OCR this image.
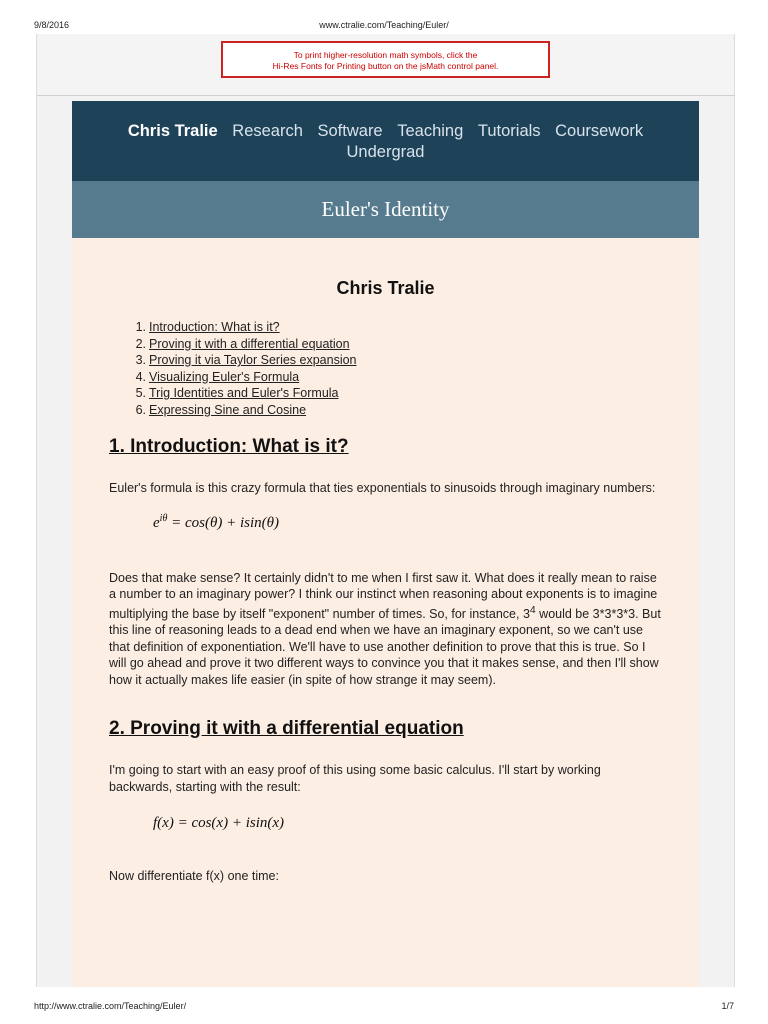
9/8/2016	www.ctralie.com/Teaching/Euler/
To print higher-resolution math symbols, click the
Hi-Res Fonts for Printing button on the jsMath control panel.
Chris Tralie Research Software Teaching Tutorials Coursework
Undergrad
Euler's Identity
Chris Tralie
1. Introduction: What is it?
2. Proving it with a differential equation
3. Proving it via Taylor Series expansion
4. Visualizing Euler's Formula
5. Trig Identities and Euler's Formula
6. Expressing Sine and Cosine
1. Introduction: What is it?

Euler's formula is this crazy formula that ties exponentials to sinusoids through imaginary numbers:

$e^{i\theta} = \cos(\theta) + isin(\theta)$

Does that make sense? It certainly didn't to me when I first saw it. What does it really mean to raise a number to an imaginary power? I think our instinct when reasoning about exponents is to imagine multiplying the base by itself "exponent" number of times. So, for instance, $3^4$ would be 3*3*3*3. But this line of reasoning leads to a dead end when we have an imaginary exponent, so we can't use that definition of exponentiation. We'll have to use another definition to prove that this is true. So I will go ahead and prove it two different ways to convince you that it makes sense, and then I'll show how it actually makes life easier (in spite of how strange it may seem).

2. Proving it with a differential equation

I'm going to start with an easy proof of this using some basic calculus. I'll start by working backwards, starting with the result:

f(x) = cos(x) + isin(x)

Now differentiate f(x) one time:

http://www.ctralie.com/Teaching/Euler/	1/7
